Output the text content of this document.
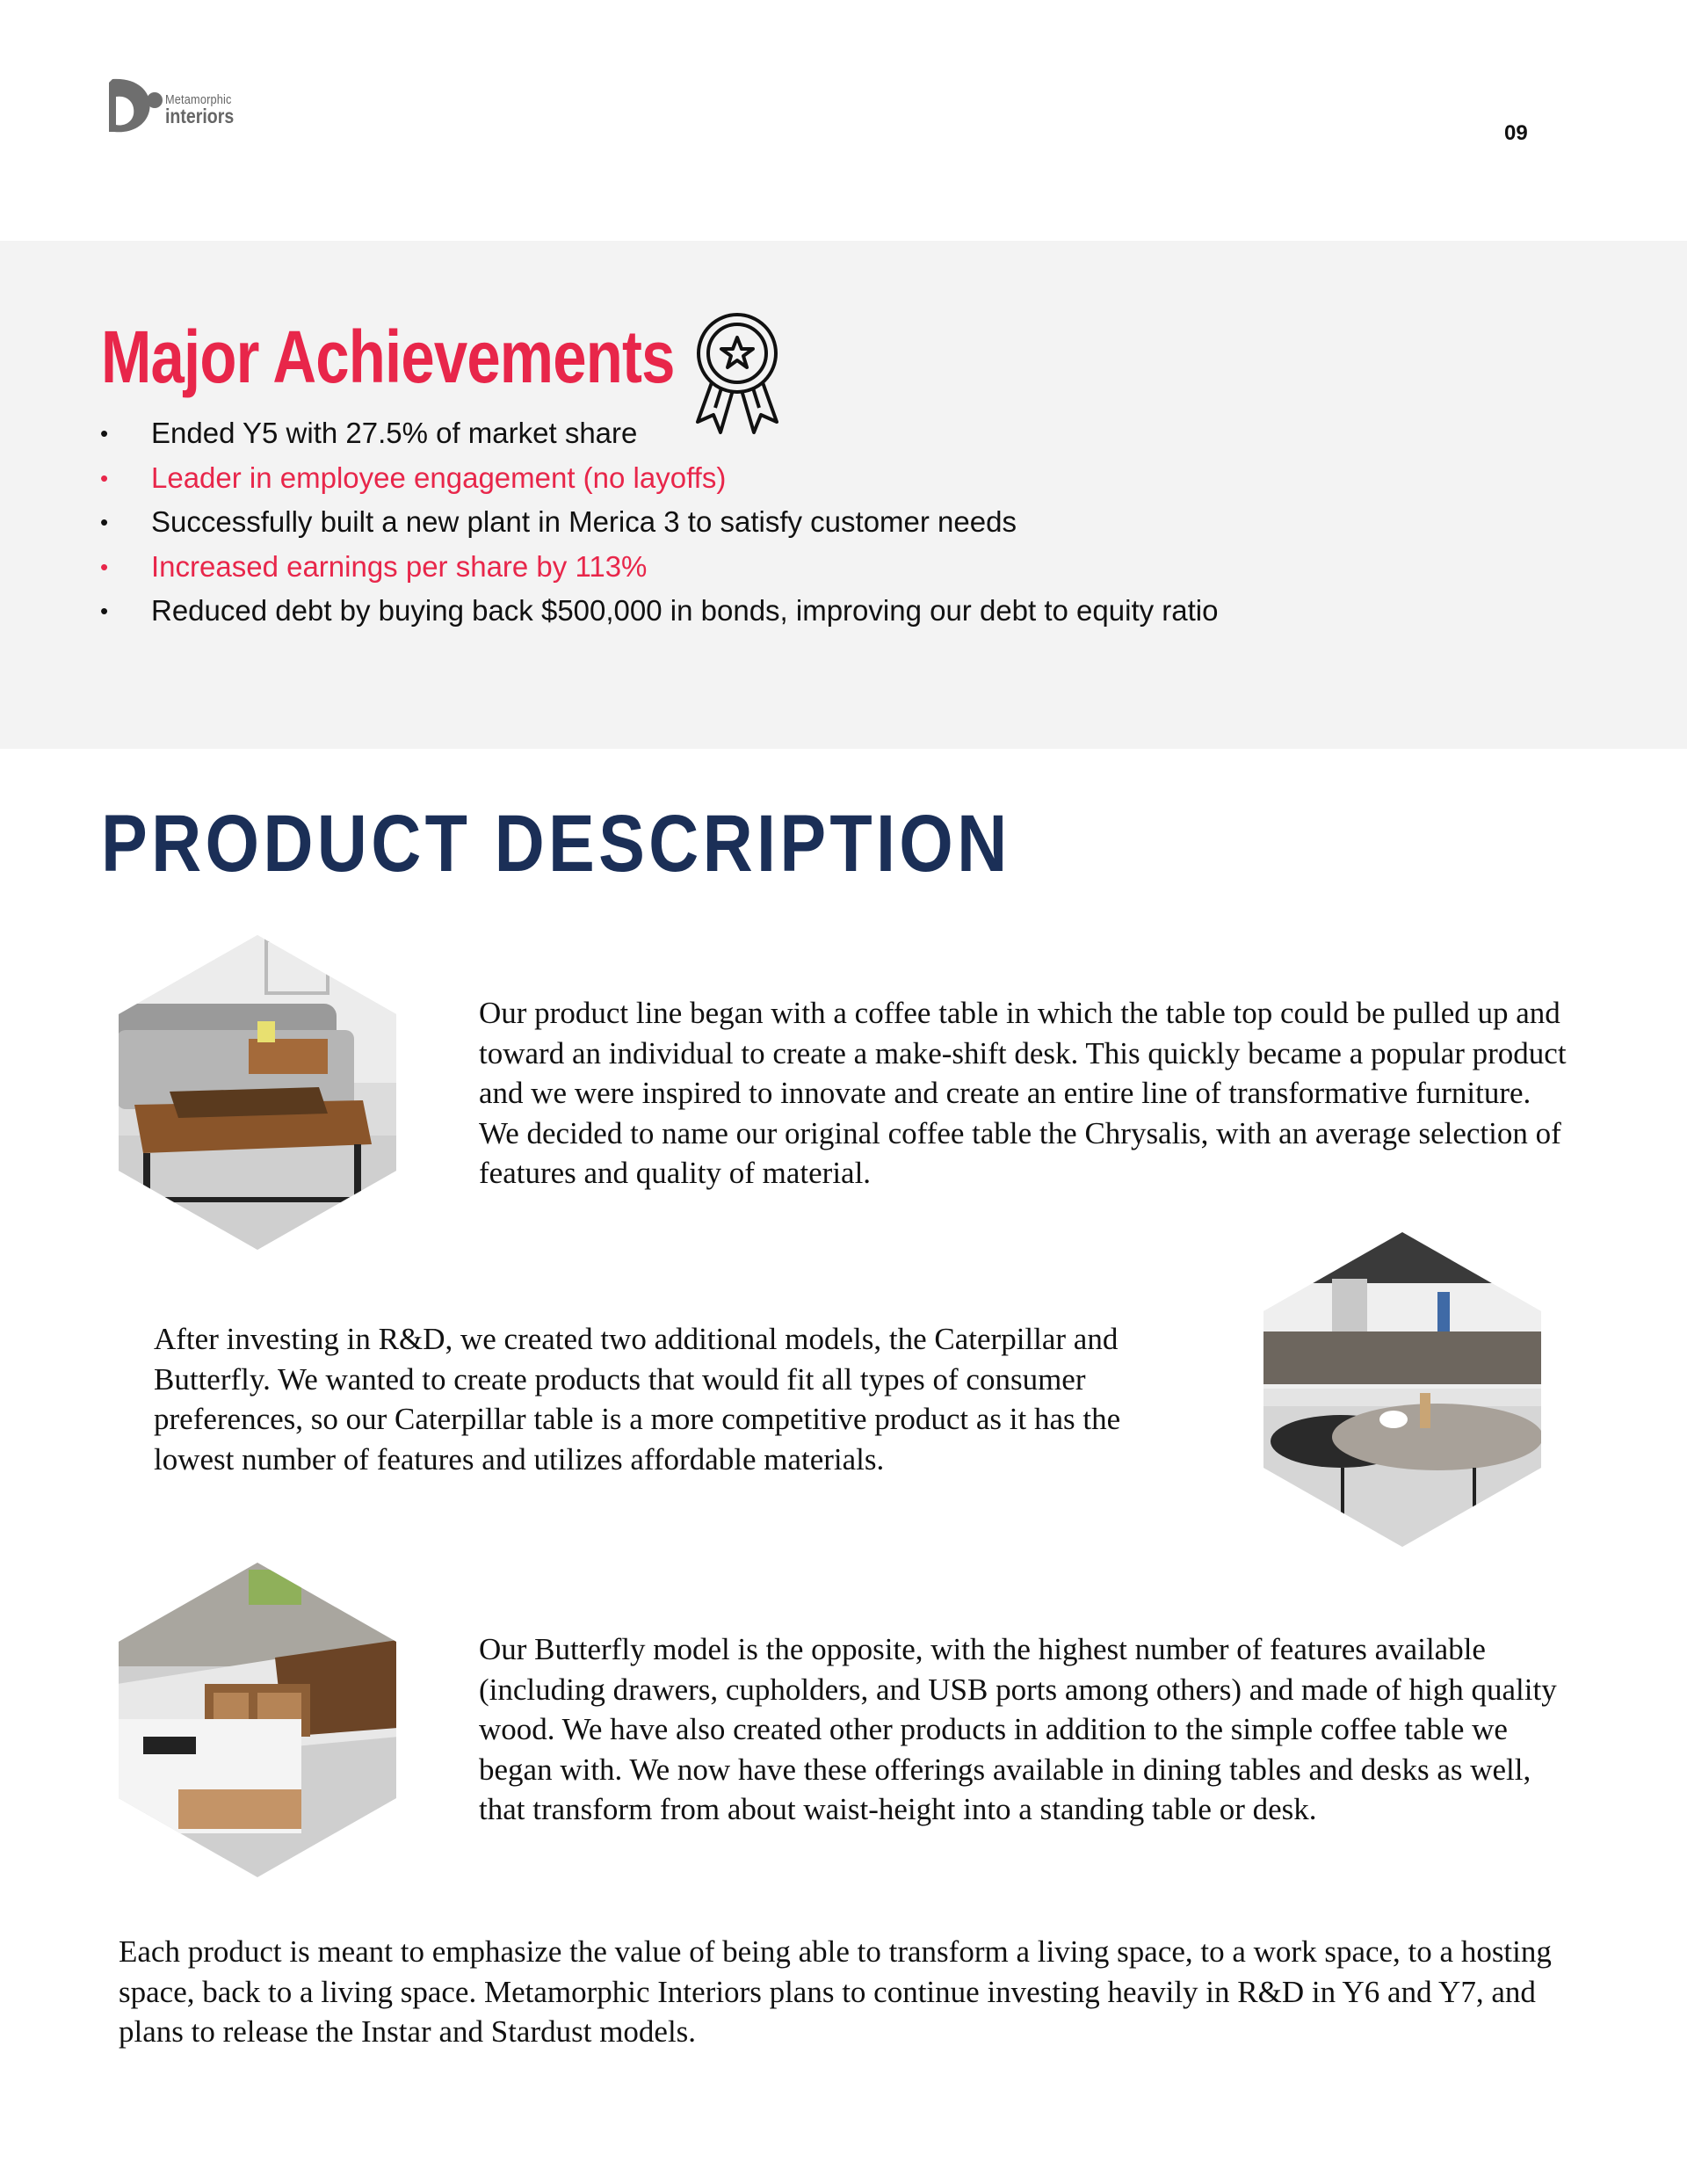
Metamorphic
interiors
09
Major Achievements
• Ended Y5 with 27.5% of market share
• Leader in employee engagement (no layoffs)
• Successfully built a new plant in Merica 3 to satisfy customer needs
• Increased earnings per share by 113%
• Reduced debt by buying back $500,000 in bonds, improving our debt to equity ratio
PRODUCT DESCRIPTION

Our product line began with a coffee table in which the table top could be pulled up and toward an individual to create a make-shift desk. This quickly became a popular product and we were inspired to innovate and create an entire line of transformative furniture. We decided to name our original coffee table the Chrysalis, with an average selection of features and quality of material.

After investing in R&D, we created two additional models, the Caterpillar and Butterfly. We wanted to create products that would fit all types of consumer preferences, so our Caterpillar table is a more competitive product as it has the lowest number of features and utilizes affordable materials.

Our Butterfly model is the opposite, with the highest number of features available (including drawers, cupholders, and USB ports among others) and made of high quality wood. We have also created other products in addition to the simple coffee table we began with. We now have these offerings available in dining tables and desks as well, that transform from about waist-height into a standing table or desk.

Each product is meant to emphasize the value of being able to transform a living space, to a work space, to a hosting space, back to a living space. Metamorphic Interiors plans to continue investing heavily in R&D in Y6 and Y7, and plans to release the Instar and Stardust models.
